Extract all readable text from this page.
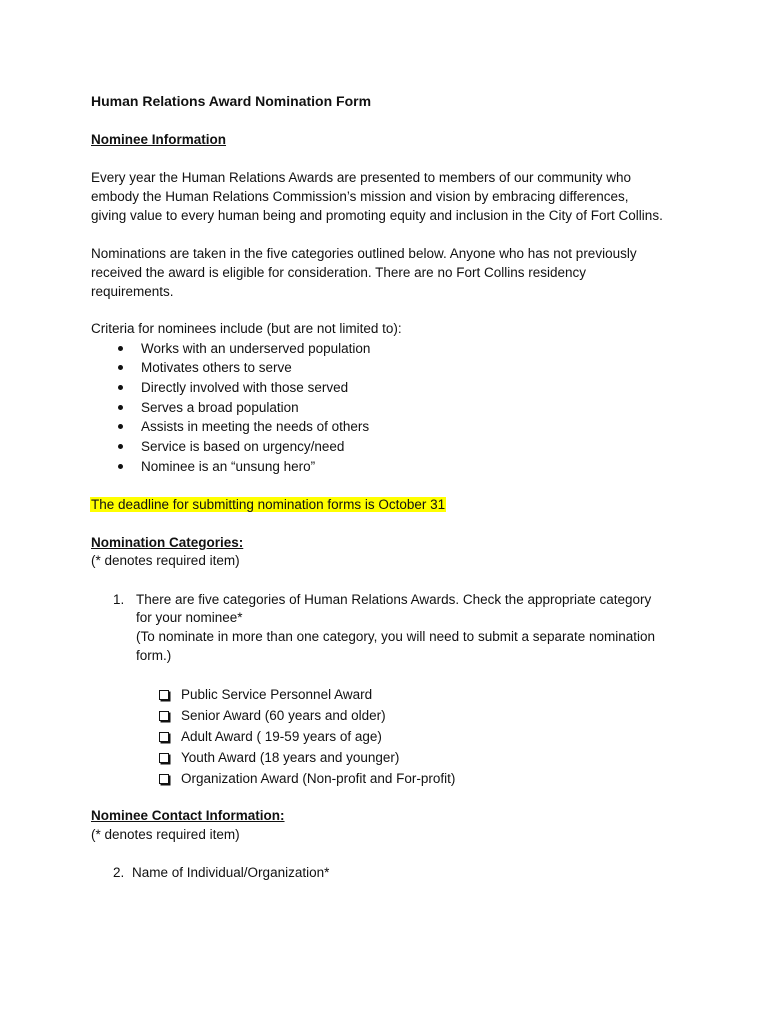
Human Relations Award Nomination Form
Nominee Information
Every year the Human Relations Awards are presented to members of our community who
embody the Human Relations Commission’s mission and vision by embracing differences,
giving value to every human being and promoting equity and inclusion in the City of Fort Collins.
Nominations are taken in the five categories outlined below. Anyone who has not previously
received the award is eligible for consideration. There are no Fort Collins residency
requirements.
Criteria for nominees include (but are not limited to):
Works with an underserved population
Motivates others to serve
Directly involved with those served
Serves a broad population
Assists in meeting the needs of others
Service is based on urgency/need
Nominee is an “unsung hero”
The deadline for submitting nomination forms is October 31
Nomination Categories:
(* denotes required item)
1. There are five categories of Human Relations Awards. Check the appropriate category
for your nominee*
(To nominate in more than one category, you will need to submit a separate nomination
form.)
Public Service Personnel Award
Senior Award (60 years and older)
Adult Award ( 19-59 years of age)
Youth Award (18 years and younger)
Organization Award (Non-profit and For-profit)
Nominee Contact Information:
(* denotes required item)
2. Name of Individual/Organization*
